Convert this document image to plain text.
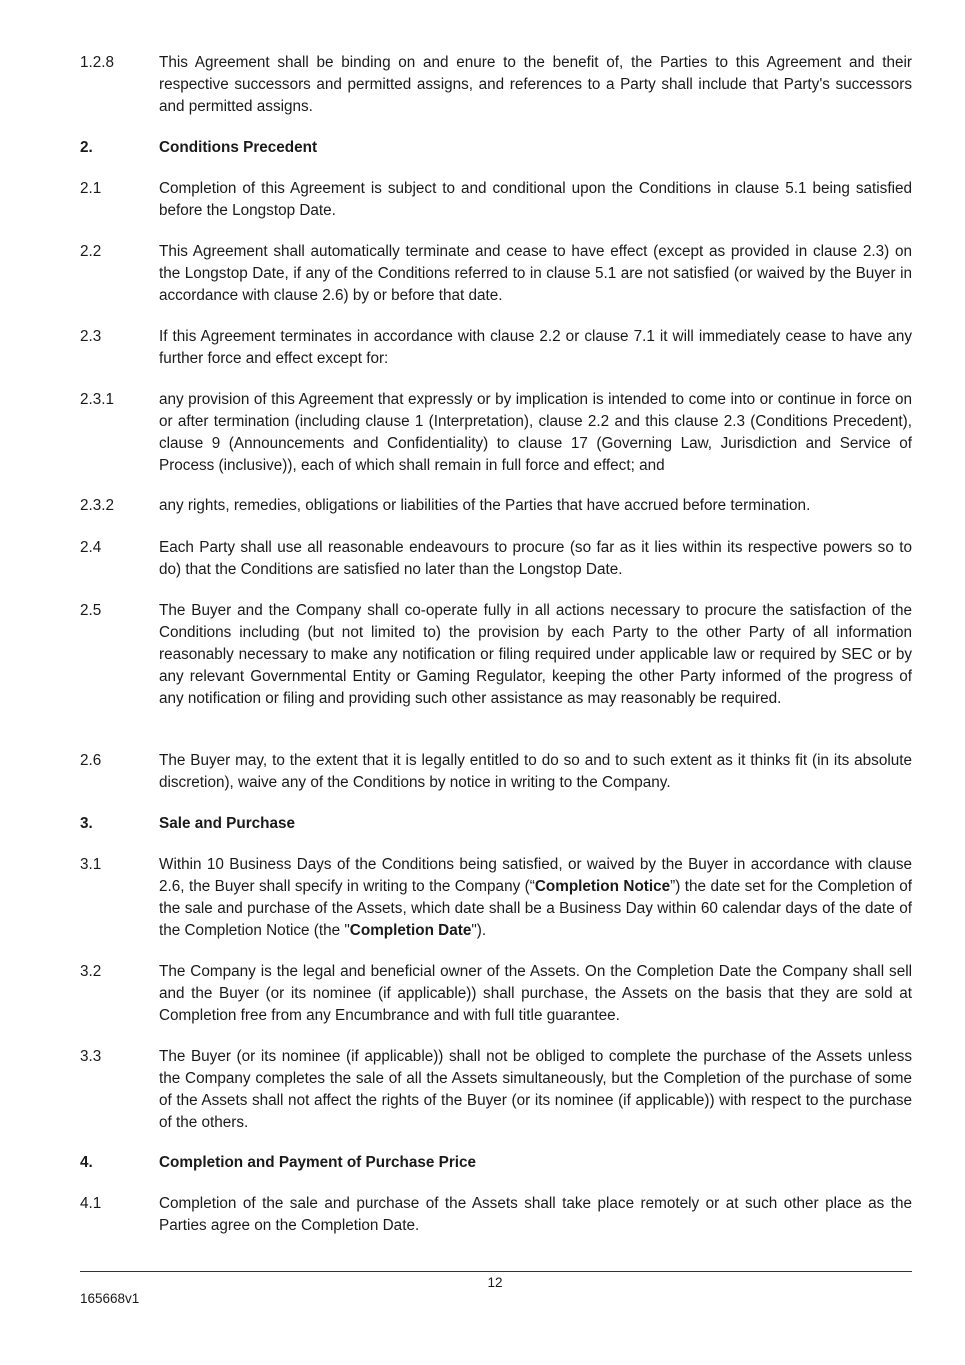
1.2.8	This Agreement shall be binding on and enure to the benefit of, the Parties to this Agreement and their respective successors and permitted assigns, and references to a Party shall include that Party's successors and permitted assigns.
2.	Conditions Precedent
2.1	Completion of this Agreement is subject to and conditional upon the Conditions in clause 5.1 being satisfied before the Longstop Date.
2.2	This Agreement shall automatically terminate and cease to have effect (except as provided in clause 2.3) on the Longstop Date, if any of the Conditions referred to in clause 5.1 are not satisfied (or waived by the Buyer in accordance with clause 2.6) by or before that date.
2.3	If this Agreement terminates in accordance with clause 2.2 or clause 7.1 it will immediately cease to have any further force and effect except for:
2.3.1	any provision of this Agreement that expressly or by implication is intended to come into or continue in force on or after termination (including clause 1 (Interpretation), clause 2.2 and this clause 2.3 (Conditions Precedent), clause 9 (Announcements and Confidentiality) to clause 17 (Governing Law, Jurisdiction and Service of Process (inclusive)), each of which shall remain in full force and effect; and
2.3.2	any rights, remedies, obligations or liabilities of the Parties that have accrued before termination.
2.4	Each Party shall use all reasonable endeavours to procure (so far as it lies within its respective powers so to do) that the Conditions are satisfied no later than the Longstop Date.
2.5	The Buyer and the Company shall co-operate fully in all actions necessary to procure the satisfaction of the Conditions including (but not limited to) the provision by each Party to the other Party of all information reasonably necessary to make any notification or filing required under applicable law or required by SEC or by any relevant Governmental Entity or Gaming Regulator, keeping the other Party informed of the progress of any notification or filing and providing such other assistance as may reasonably be required.
2.6	The Buyer may, to the extent that it is legally entitled to do so and to such extent as it thinks fit (in its absolute discretion), waive any of the Conditions by notice in writing to the Company.
3.	Sale and Purchase
3.1	Within 10 Business Days of the Conditions being satisfied, or waived by the Buyer in accordance with clause 2.6, the Buyer shall specify in writing to the Company (“Completion Notice”) the date set for the Completion of the sale and purchase of the Assets, which date shall be a Business Day within 60 calendar days of the date of the Completion Notice (the "Completion Date").
3.2	The Company is the legal and beneficial owner of the Assets. On the Completion Date the Company shall sell and the Buyer (or its nominee (if applicable)) shall purchase, the Assets on the basis that they are sold at Completion free from any Encumbrance and with full title guarantee.
3.3	The Buyer (or its nominee (if applicable)) shall not be obliged to complete the purchase of the Assets unless the Company completes the sale of all the Assets simultaneously, but the Completion of the purchase of some of the Assets shall not affect the rights of the Buyer (or its nominee (if applicable)) with respect to the purchase of the others.
4.	Completion and Payment of Purchase Price
4.1	Completion of the sale and purchase of the Assets shall take place remotely or at such other place as the Parties agree on the Completion Date.
12
165668v1
